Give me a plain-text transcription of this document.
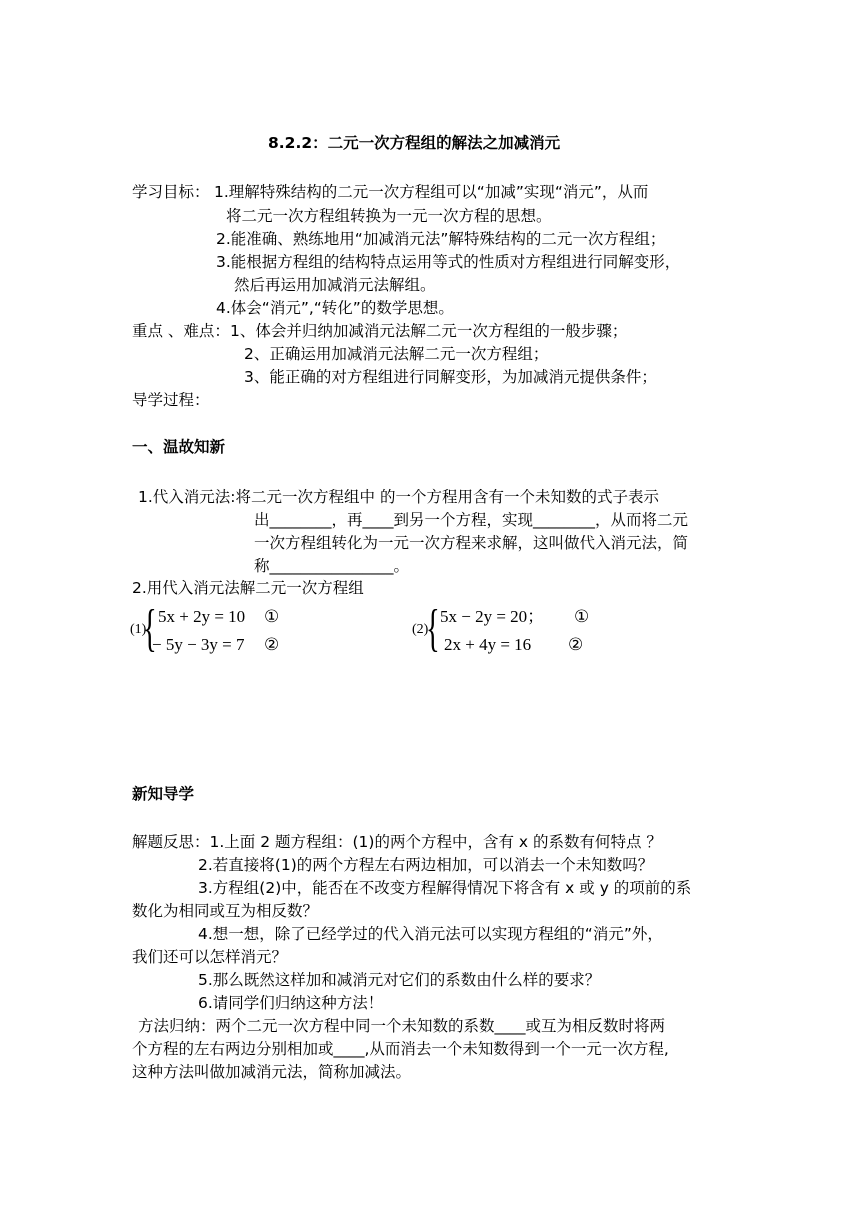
8.2.2：二元一次方程组的解法之加减消元
学习目标： 1.理解特殊结构的二元一次方程组可以“加减”实现“消元”，从而
将二元一次方程组转换为一元一次方程的思想。
2.能准确、熟练地用“加减消元法”解特殊结构的二元一次方程组；
3.能根据方程组的结构特点运用等式的性质对方程组进行同解变形，
然后再运用加减消元法解组。
4.体会“消元”,“转化”的数学思想。
重点 、难点： 1、体会并归纳加减消元法解二元一次方程组的一般步骤；
2、正确运用加减消元法解二元一次方程组；
3、能正确的对方程组进行同解变形，为加减消元提供条件；
导学过程：
一、温故知新
1.代入消元法:将二元一次方程组中 的一个方程用含有一个未知数的式子表示
出________，再____到另一个方程，实现________，从而将二元
一次方程组转化为一元一次方程来求解，这叫做代入消元法，简
称________________。
2.用代入消元法解二元一次方程组
(1)
{ 5x + 2y = 10 ①
− 5y − 3y = 7 ②
(2)
{ 5x − 2y = 20； ①
2x + 4y = 16 ②
新知导学
解题反思：1.上面 2 题方程组：(1)的两个方程中，含有 x 的系数有何特点 ？
2.若直接将(1)的两个方程左右两边相加，可以消去一个未知数吗？
3.方程组(2)中，能否在不改变方程解得情况下将含有 x 或 y 的项前的系
数化为相同或互为相反数？
4.想一想，除了已经学过的代入消元法可以实现方程组的“消元”外，
我们还可以怎样消元？
5.那么既然这样加和减消元对它们的系数由什么样的要求？
6.请同学们归纳这种方法！
方法归纳：两个二元一次方程中同一个未知数的系数____或互为相反数时将两
个方程的左右两边分别相加或____,从而消去一个未知数得到一个一元一次方程,
这种方法叫做加减消元法，简称加减法。
